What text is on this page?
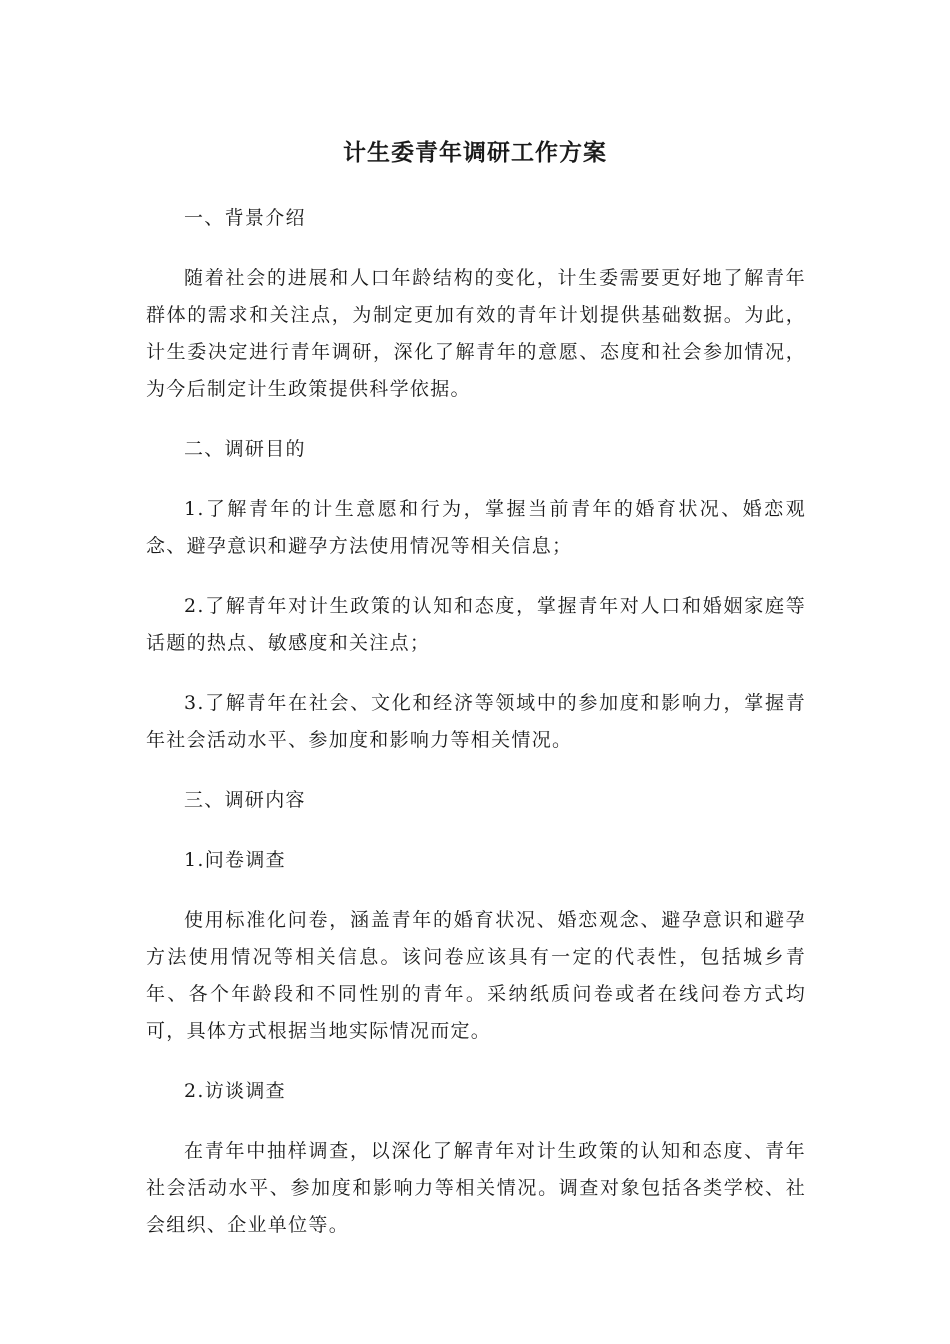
计生委青年调研工作方案

一、背景介绍

随着社会的进展和人口年龄结构的变化，计生委需要更好地了解青年群体的需求和关注点，为制定更加有效的青年计划提供基础数据。为此，计生委决定进行青年调研，深化了解青年的意愿、态度和社会参加情况，为今后制定计生政策提供科学依据。

二、调研目的

1.了解青年的计生意愿和行为，掌握当前青年的婚育状况、婚恋观念、避孕意识和避孕方法使用情况等相关信息；

2.了解青年对计生政策的认知和态度，掌握青年对人口和婚姻家庭等话题的热点、敏感度和关注点；

3.了解青年在社会、文化和经济等领域中的参加度和影响力，掌握青年社会活动水平、参加度和影响力等相关情况。

三、调研内容

1.问卷调查

使用标准化问卷，涵盖青年的婚育状况、婚恋观念、避孕意识和避孕方法使用情况等相关信息。该问卷应该具有一定的代表性，包括城乡青年、各个年龄段和不同性别的青年。采纳纸质问卷或者在线问卷方式均可，具体方式根据当地实际情况而定。

2.访谈调查

在青年中抽样调查，以深化了解青年对计生政策的认知和态度、青年社会活动水平、参加度和影响力等相关情况。调查对象包括各类学校、社会组织、企业单位等。
